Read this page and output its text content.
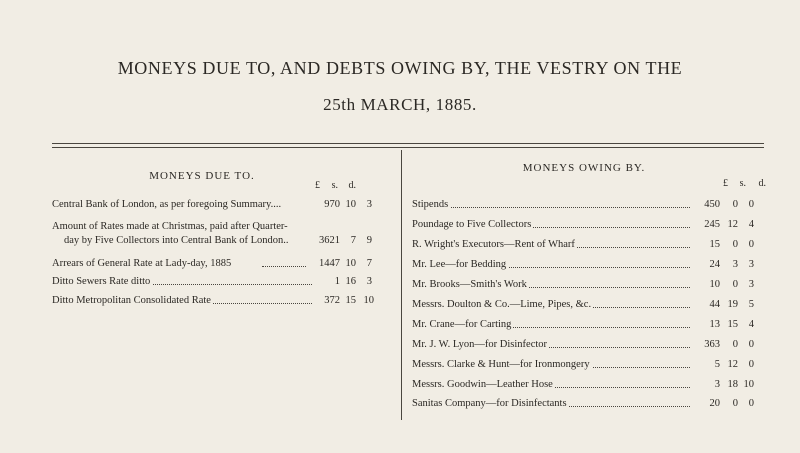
MONEYS DUE TO, AND DEBTS OWING BY, THE VESTRY ON THE
25th MARCH, 1885.
MONEYS DUE TO.
MONEYS OWING BY.
£	s.	d.	£	s.	d.
Central Bank of London, as per foregoing Summary....	970 10	3
Amount of Rates made at Christmas, paid after Quarter-
day by Five Collectors into Central Bank of London..	3621	7	9
Arrears of General Rate at Lady-day, 1885	1447 10	7
Ditto Sewers Rate ditto	1 16	3
Ditto Metropolitan Consolidated Rate	372 15 10
Stipends	450	0	0
Poundage to Five Collectors	245 12	4
R. Wright's Executors—Rent of Wharf	15	0	0
Mr. Lee—for Bedding	24	3	3
Mr. Brooks—Smith's Work	10	0	3
Messrs. Doulton & Co.—Lime, Pipes, &c.	44 19	5
Mr. Crane—for Carting	13 15	4
Mr. J. W. Lyon—for Disinfector	363	0	0
Messrs. Clarke & Hunt—for Ironmongery	5 12	0
Messrs. Goodwin—Leather Hose	3 18 10
Sanitas Company—for Disinfectants	20	0	0
